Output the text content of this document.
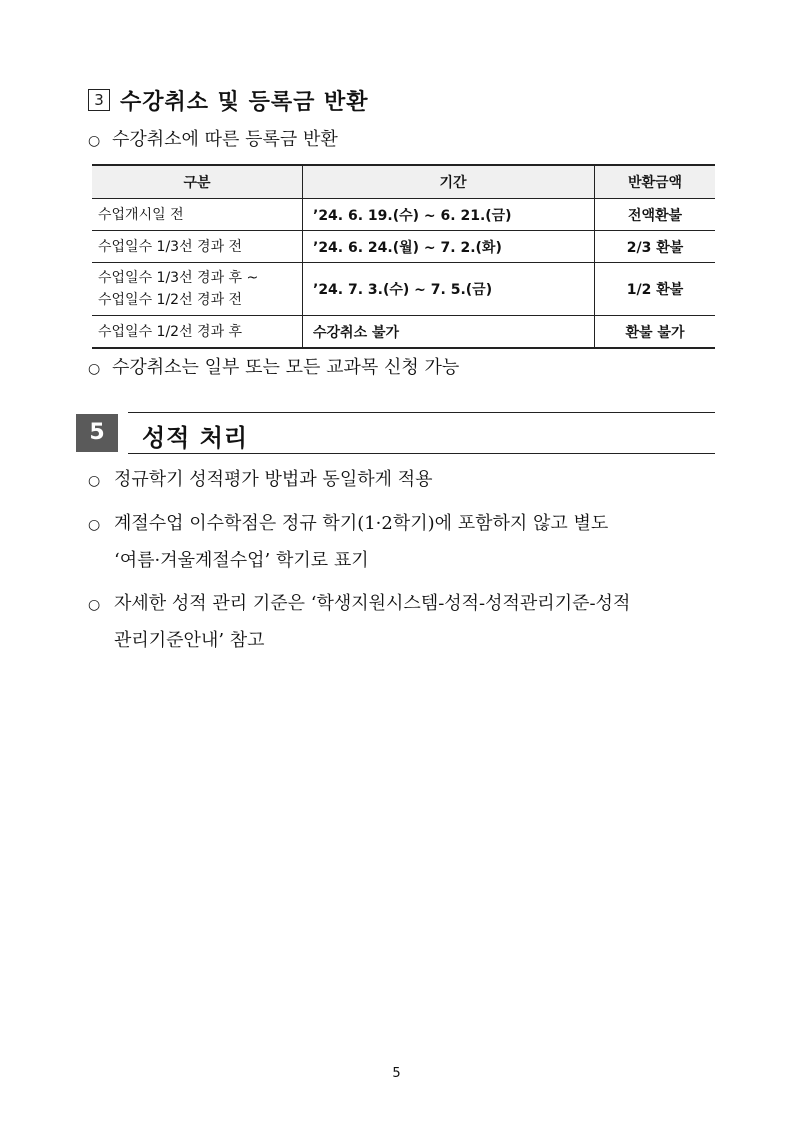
3 수강취소 및 등록금 반환
○ 수강취소에 따른 등록금 반환
구분	기간	반환금액

수업개시일 전	’24. 6. 19.(수) ~ 6. 21.(금)	전액환불

수업일수 1/3선 경과 전	’24. 6. 24.(월) ~ 7. 2.(화)	2/3 환불

수업일수 1/3선 경과 후 ~
수업일수 1/2선 경과 전	’24. 7. 3.(수) ~ 7. 5.(금)	1/2 환불

수업일수 1/2선 경과 후	수강취소 불가	환불 불가
○ 수강취소는 일부 또는 모든 교과목 신청 가능
5	성적 처리
○ 정규학기 성적평가 방법과 동일하게 적용
○ 계절수업 이수학점은 정규 학기(1·2학기)에 포함하지 않고 별도
‘여름·겨울계절수업’ 학기로 표기
○ 자세한 성적 관리 기준은 ‘학생지원시스템-성적-성적관리기준-성적
관리기준안내’ 참고
5
